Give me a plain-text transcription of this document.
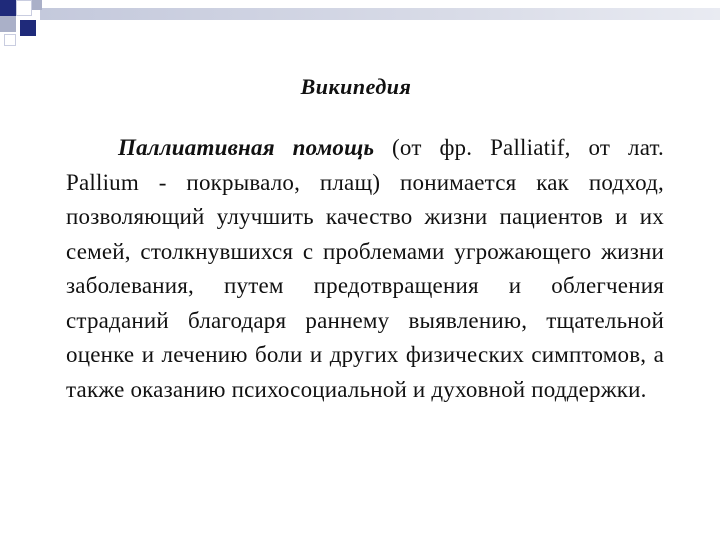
Википедия

Паллиативная помощь (от фр. Palliatif, от лат. Pallium - покрывало, плащ) понимается как подход, позволяющий улучшить качество жизни пациентов и их семей, столкнувшихся с проблемами угрожающего жизни заболевания, путем предотвращения и облегчения страданий благодаря раннему выявлению, тщательной оценке и лечению боли и других физических симптомов, а также оказанию психосоциальной и духовной поддержки.
